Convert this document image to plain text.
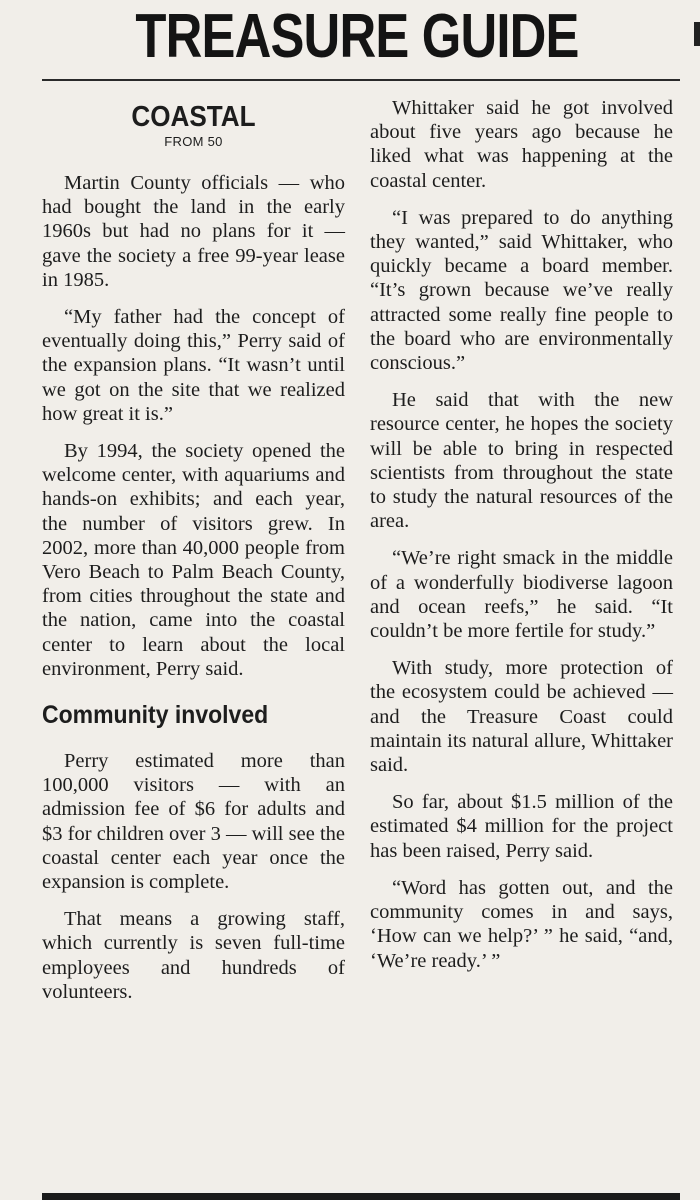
TREASURE GUIDE
COASTAL
FROM 50

Martin County officials — who had bought the land in the early 1960s but had no plans for it — gave the society a free 99-year lease in 1985.

“My father had the concept of eventually doing this,” Perry said of the expansion plans. “It wasn’t until we got on the site that we realized how great it is.”

By 1994, the society opened the welcome center, with aquariums and hands-on exhibits; and each year, the number of visitors grew. In 2002, more than 40,000 people from Vero Beach to Palm Beach County, from cities throughout the state and the nation, came into the coastal center to learn about the local environment, Perry said.

Community involved

Perry estimated more than 100,000 visitors — with an admission fee of $6 for adults and $3 for children over 3 — will see the coastal center each year once the expansion is complete.

That means a growing staff, which currently is seven full-time employees and hundreds of volunteers.

Whittaker said he got involved about five years ago because he liked what was happening at the coastal center.

“I was prepared to do anything they wanted,” said Whittaker, who quickly became a board member. “It’s grown because we’ve really attracted some really fine people to the board who are environmentally conscious.”

He said that with the new resource center, he hopes the society will be able to bring in respected scientists from throughout the state to study the natural resources of the area.

“We’re right smack in the middle of a wonderfully biodiverse lagoon and ocean reefs,” he said. “It couldn’t be more fertile for study.”

With study, more protection of the ecosystem could be achieved — and the Treasure Coast could maintain its natural allure, Whittaker said.

So far, about $1.5 million of the estimated $4 million for the project has been raised, Perry said.

“Word has gotten out, and the community comes in and says, ‘How can we help?’ ” he said, “and, ‘We’re ready.’ ”
